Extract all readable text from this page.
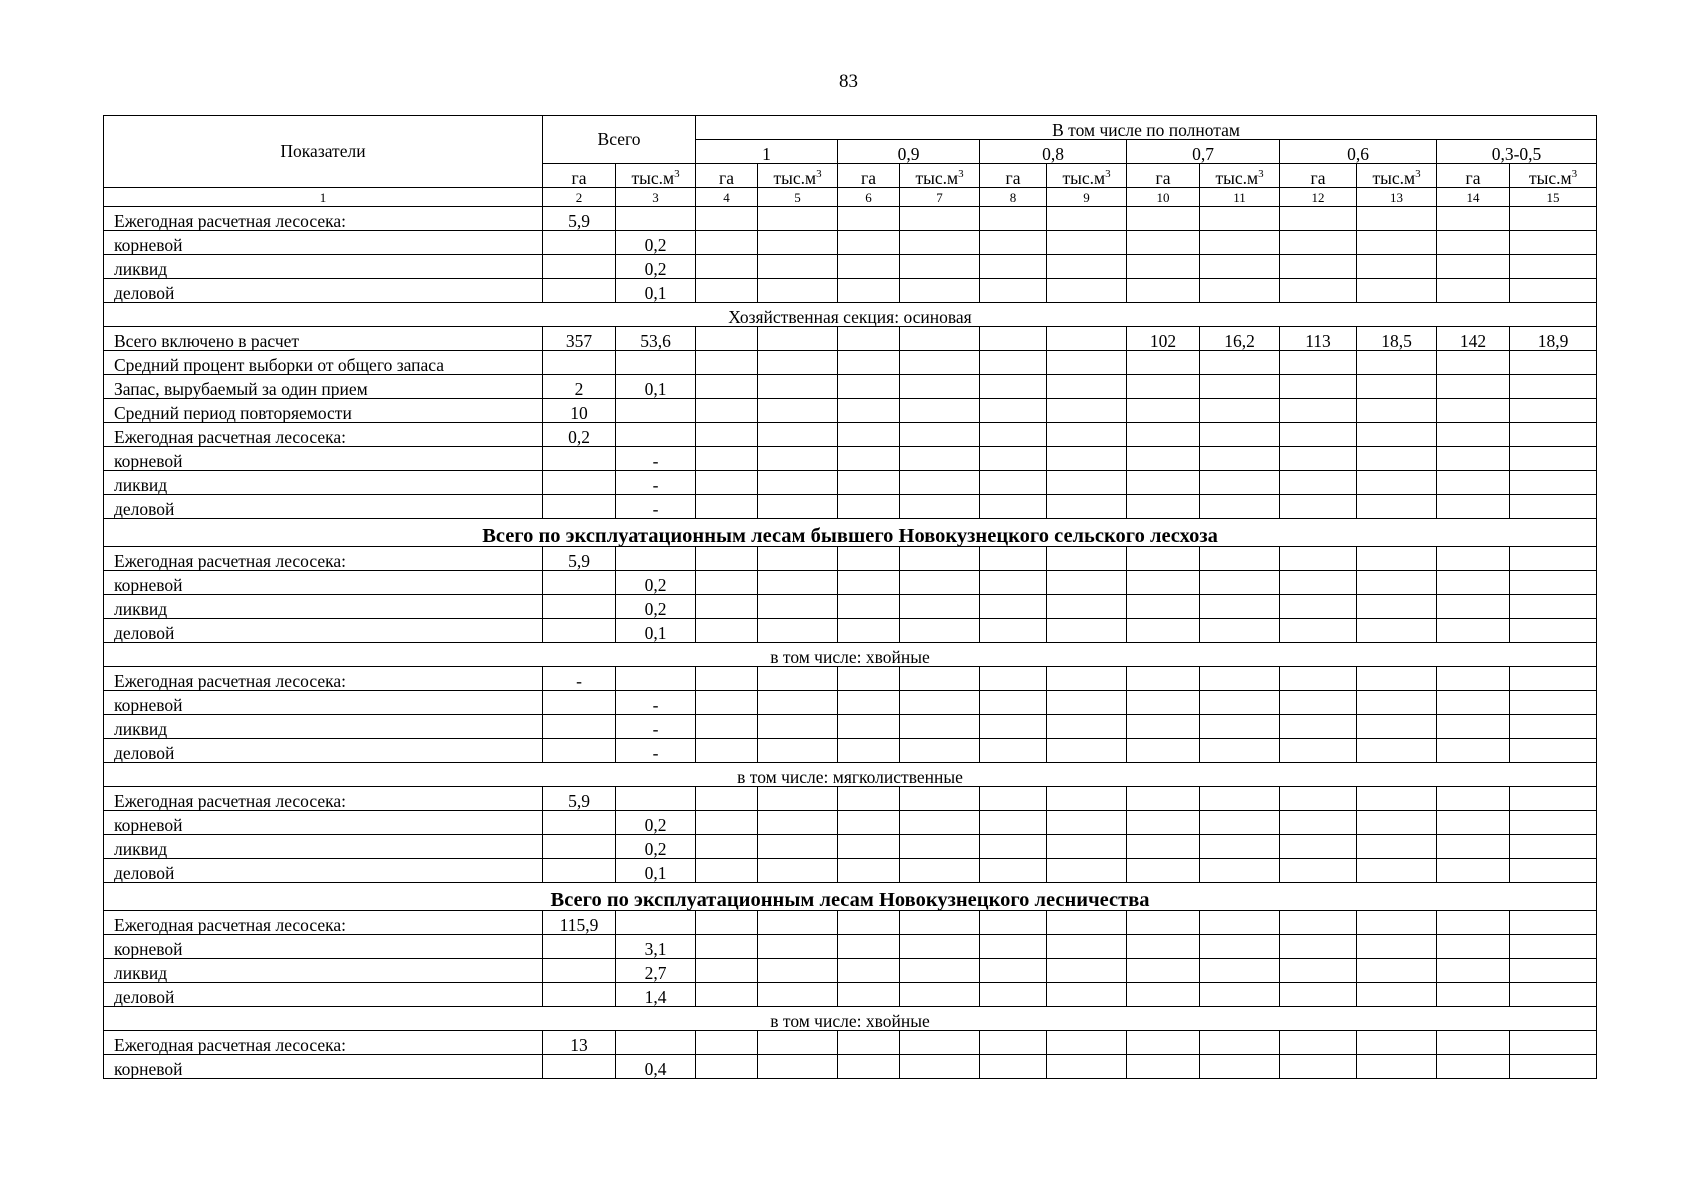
83
Показатели	Всего		В том числе по полнотам											
			1		0,9		0,8		0,7		0,6		0,3-0,5	
	га	$тыс.м^3$	га	$тыс.м^3$	га	$тыс.м^3$	га	$тыс.м^3$	га	$тыс.м^3$	га	$тыс.м^3$	га	$тыс.м^3$
1	2	3	4	5	6	7	8	9	10	11	12	13	14	15
Ежегодная расчетная лесосека:	5,9													
корневой		0,2												
ликвид		0,2												
деловой		0,1												
Хозяйственная секция: осиновая														
Всего включено в расчет	357	53,6							102	16,2	113	18,5	142	18,9
Средний процент выборки от общего запаса														
Запас, вырубаемый за один прием	2	0,1												
Средний период повторяемости	10													
Ежегодная расчетная лесосека:	0,2													
корневой		-												
ликвид		-												
деловой		-												
Всего по эксплуатационным лесам бывшего Новокузнецкого сельского лесхоза														
Ежегодная расчетная лесосека:	5,9													
корневой		0,2												
ликвид		0,2												
деловой		0,1												
в том числе: хвойные														
Ежегодная расчетная лесосека:	-													
корневой		-												
ликвид		-												
деловой		-												
в том числе: мягколиственные														
Ежегодная расчетная лесосека:	5,9													
корневой		0,2												
ликвид		0,2												
деловой		0,1												
Всего по эксплуатационным лесам Новокузнецкого лесничества														
Ежегодная расчетная лесосека:	115,9													
корневой		3,1												
ликвид		2,7												
деловой		1,4												
в том числе: хвойные														
Ежегодная расчетная лесосека:	13													
корневой		0,4												
